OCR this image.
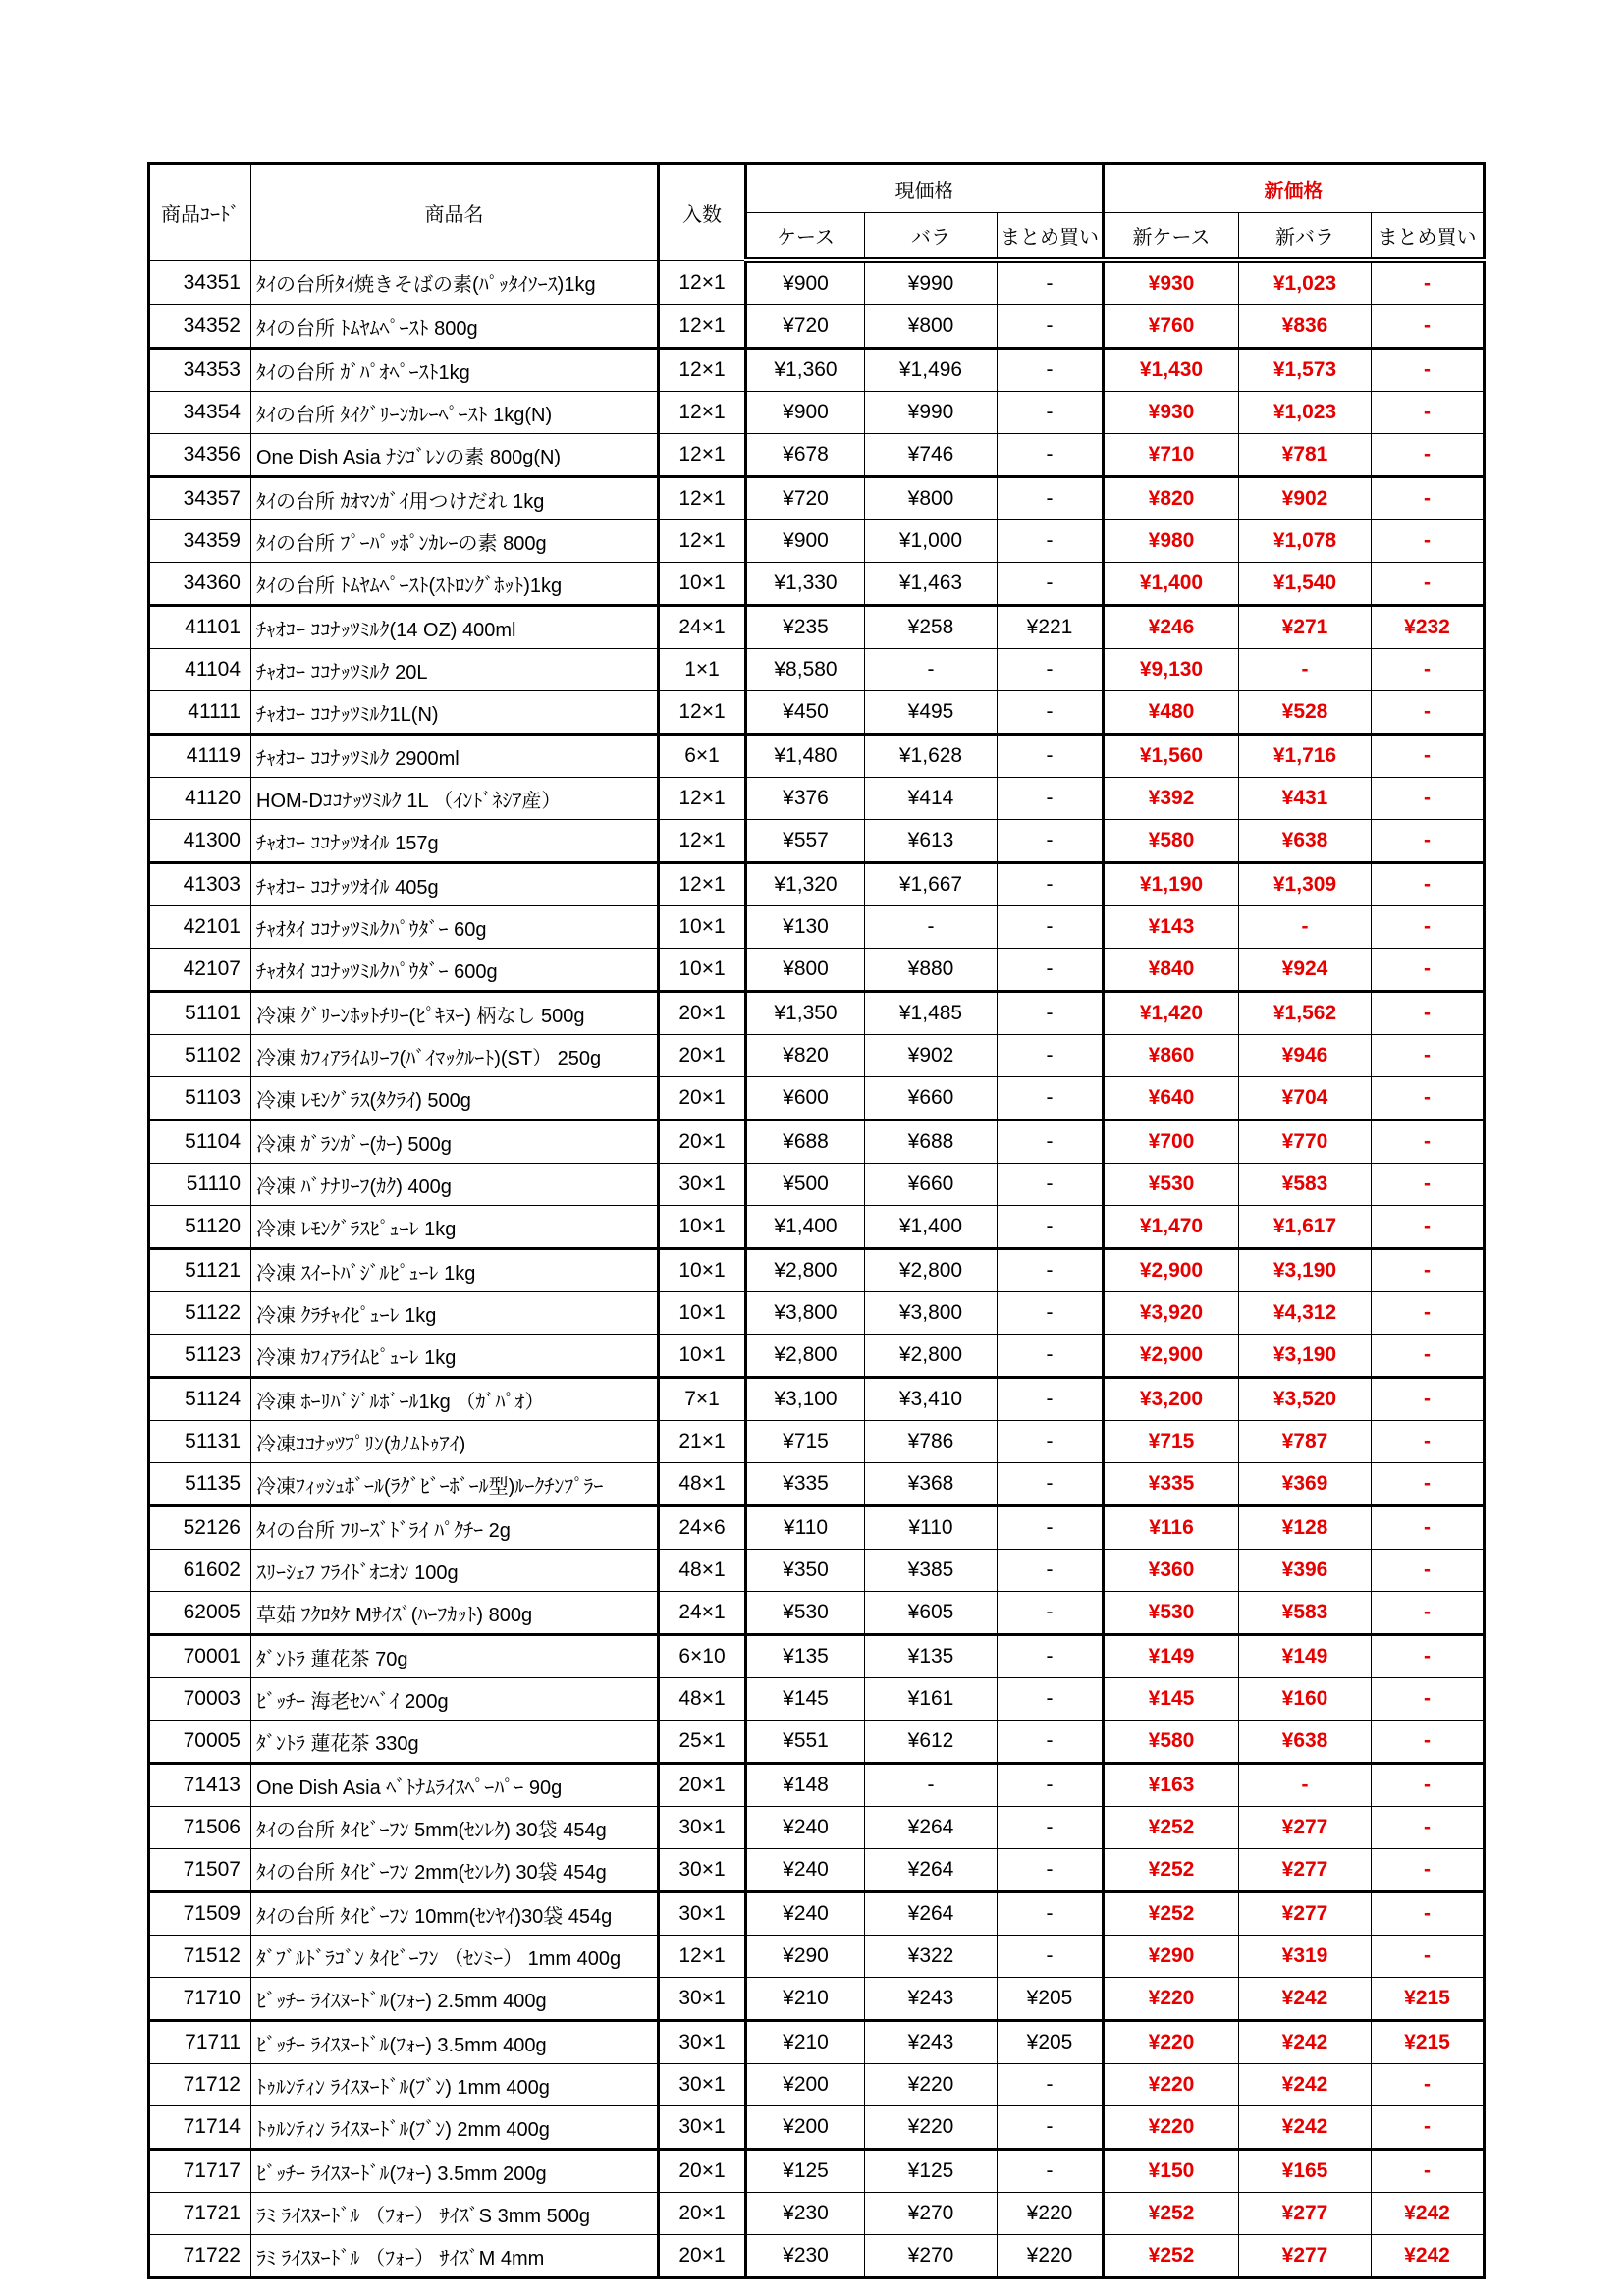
商品ｺｰﾄﾞ	商品名	入数	現価格			新価格		
			ケース	バラ	まとめ買い	新ケース	新バラ	まとめ買い
34351	ﾀｲの台所ﾀｲ焼きそばの素(ﾊﾟｯﾀｲｿｰｽ)1kg	12×1	¥900	¥990	-	¥930	¥1,023	-
34352	ﾀｲの台所 ﾄﾑﾔﾑﾍﾟｰｽﾄ 800g	12×1	¥720	¥800	-	¥760	¥836	-
34353	ﾀｲの台所 ｶﾞﾊﾟｵﾍﾟｰｽﾄ1kg	12×1	¥1,360	¥1,496	-	¥1,430	¥1,573	-
34354	ﾀｲの台所 ﾀｲｸﾞﾘｰﾝｶﾚｰﾍﾟｰｽﾄ 1kg(N)	12×1	¥900	¥990	-	¥930	¥1,023	-
34356	One Dish Asia ﾅｼｺﾞﾚﾝの素 800g(N)	12×1	¥678	¥746	-	¥710	¥781	-
34357	ﾀｲの台所 ｶｵﾏﾝｶﾞｲ用つけだれ 1kg	12×1	¥720	¥800	-	¥820	¥902	-
34359	ﾀｲの台所 ﾌﾟｰﾊﾟｯﾎﾟﾝｶﾚｰの素 800g	12×1	¥900	¥1,000	-	¥980	¥1,078	-
34360	ﾀｲの台所 ﾄﾑﾔﾑﾍﾟｰｽﾄ(ｽﾄﾛﾝｸﾞﾎｯﾄ)1kg	10×1	¥1,330	¥1,463	-	¥1,400	¥1,540	-
41101	ﾁｬｵｺｰ ｺｺﾅｯﾂﾐﾙｸ(14 OZ) 400ml	24×1	¥235	¥258	¥221	¥246	¥271	¥232
41104	ﾁｬｵｺｰ ｺｺﾅｯﾂﾐﾙｸ 20L	1×1	¥8,580	-	-	¥9,130	-	-
41111	ﾁｬｵｺｰ ｺｺﾅｯﾂﾐﾙｸ1L(N)	12×1	¥450	¥495	-	¥480	¥528	-
41119	ﾁｬｵｺｰ ｺｺﾅｯﾂﾐﾙｸ 2900ml	6×1	¥1,480	¥1,628	-	¥1,560	¥1,716	-
41120	HOM-Dｺｺﾅｯﾂﾐﾙｸ 1L （ｲﾝﾄﾞﾈｼｱ産）	12×1	¥376	¥414	-	¥392	¥431	-
41300	ﾁｬｵｺｰ ｺｺﾅｯﾂｵｲﾙ 157g	12×1	¥557	¥613	-	¥580	¥638	-
41303	ﾁｬｵｺｰ ｺｺﾅｯﾂｵｲﾙ 405g	12×1	¥1,320	¥1,667	-	¥1,190	¥1,309	-
42101	ﾁｬｵﾀｲ ｺｺﾅｯﾂﾐﾙｸﾊﾟｳﾀﾞｰ 60g	10×1	¥130	-	-	¥143	-	-
42107	ﾁｬｵﾀｲ ｺｺﾅｯﾂﾐﾙｸﾊﾟｳﾀﾞｰ 600g	10×1	¥800	¥880	-	¥840	¥924	-
51101	冷凍 ｸﾞﾘｰﾝﾎｯﾄﾁﾘｰ(ﾋﾟｷﾇｰ) 柄なし 500g	20×1	¥1,350	¥1,485	-	¥1,420	¥1,562	-
51102	冷凍 ｶﾌｨｱﾗｲﾑﾘｰﾌ(ﾊﾞｲﾏｯｸﾙｰﾄ)(ST） 250g	20×1	¥820	¥902	-	¥860	¥946	-
51103	冷凍 ﾚﾓﾝｸﾞﾗｽ(ﾀｸﾗｲ) 500g	20×1	¥600	¥660	-	¥640	¥704	-
51104	冷凍 ｶﾞﾗﾝｶﾞｰ(ｶｰ) 500g	20×1	¥688	¥688	-	¥700	¥770	-
51110	冷凍 ﾊﾞﾅﾅﾘｰﾌ(ｶｸ) 400g	30×1	¥500	¥660	-	¥530	¥583	-
51120	冷凍 ﾚﾓﾝｸﾞﾗｽﾋﾟｭｰﾚ 1kg	10×1	¥1,400	¥1,400	-	¥1,470	¥1,617	-
51121	冷凍 ｽｲｰﾄﾊﾞｼﾞﾙﾋﾟｭｰﾚ 1kg	10×1	¥2,800	¥2,800	-	¥2,900	¥3,190	-
51122	冷凍 ｸﾗﾁｬｲﾋﾟｭｰﾚ 1kg	10×1	¥3,800	¥3,800	-	¥3,920	¥4,312	-
51123	冷凍 ｶﾌｨｱﾗｲﾑﾋﾟｭｰﾚ 1kg	10×1	¥2,800	¥2,800	-	¥2,900	¥3,190	-
51124	冷凍 ﾎｰﾘﾊﾞｼﾞﾙﾎﾞｰﾙ1kg （ｶﾞﾊﾟｵ）	7×1	¥3,100	¥3,410	-	¥3,200	¥3,520	-
51131	冷凍ｺｺﾅｯﾂﾌﾟﾘﾝ(ｶﾉﾑﾄｩｱｲ)	21×1	¥715	¥786	-	¥715	¥787	-
51135	冷凍ﾌｨｯｼｭﾎﾞｰﾙ(ﾗｸﾞﾋﾞｰﾎﾞｰﾙ型)ﾙｰｸﾁﾝﾌﾟﾗｰ	48×1	¥335	¥368	-	¥335	¥369	-
52126	ﾀｲの台所 ﾌﾘｰｽﾞﾄﾞﾗｲ ﾊﾟｸﾁｰ 2g	24×6	¥110	¥110	-	¥116	¥128	-
61602	ｽﾘｰｼｪﾌ ﾌﾗｲﾄﾞｵﾆｵﾝ 100g	48×1	¥350	¥385	-	¥360	¥396	-
62005	草茹 ﾌｸﾛﾀｹ Mｻｲｽﾞ(ﾊｰﾌｶｯﾄ) 800g	24×1	¥530	¥605	-	¥530	¥583	-
70001	ﾀﾞﾝﾄﾗ 蓮花茶 70g	6×10	¥135	¥135	-	¥149	¥149	-
70003	ﾋﾞｯﾁｰ 海老ｾﾝﾍﾞｲ 200g	48×1	¥145	¥161	-	¥145	¥160	-
70005	ﾀﾞﾝﾄﾗ 蓮花茶 330g	25×1	¥551	¥612	-	¥580	¥638	-
71413	One Dish Asia ﾍﾞﾄﾅﾑﾗｲｽﾍﾟｰﾊﾟｰ 90g	20×1	¥148	-	-	¥163	-	-
71506	ﾀｲの台所 ﾀｲﾋﾞｰﾌﾝ 5mm(ｾﾝﾚｸ) 30袋 454g	30×1	¥240	¥264	-	¥252	¥277	-
71507	ﾀｲの台所 ﾀｲﾋﾞｰﾌﾝ 2mm(ｾﾝﾚｸ) 30袋 454g	30×1	¥240	¥264	-	¥252	¥277	-
71509	ﾀｲの台所 ﾀｲﾋﾞｰﾌﾝ 10mm(ｾﾝﾔｲ)30袋 454g	30×1	¥240	¥264	-	¥252	¥277	-
71512	ﾀﾞﾌﾞﾙﾄﾞﾗｺﾞﾝ ﾀｲﾋﾞｰﾌﾝ （ｾﾝﾐｰ） 1mm 400g	12×1	¥290	¥322	-	¥290	¥319	-
71710	ﾋﾞｯﾁｰ ﾗｲｽﾇｰﾄﾞﾙ(ﾌｫｰ) 2.5mm 400g	30×1	¥210	¥243	¥205	¥220	¥242	¥215
71711	ﾋﾞｯﾁｰ ﾗｲｽﾇｰﾄﾞﾙ(ﾌｫｰ) 3.5mm 400g	30×1	¥210	¥243	¥205	¥220	¥242	¥215
71712	ﾄｩﾙﾝﾃｨﾝ ﾗｲｽﾇｰﾄﾞﾙ(ﾌﾞﾝ) 1mm 400g	30×1	¥200	¥220	-	¥220	¥242	-
71714	ﾄｩﾙﾝﾃｨﾝ ﾗｲｽﾇｰﾄﾞﾙ(ﾌﾞﾝ) 2mm 400g	30×1	¥200	¥220	-	¥220	¥242	-
71717	ﾋﾞｯﾁｰ ﾗｲｽﾇｰﾄﾞﾙ(ﾌｫｰ) 3.5mm 200g	20×1	¥125	¥125	-	¥150	¥165	-
71721	ﾗﾐ ﾗｲｽﾇｰﾄﾞﾙ （ﾌｫｰ） ｻｲｽﾞS 3mm 500g	20×1	¥230	¥270	¥220	¥252	¥277	¥242
71722	ﾗﾐ ﾗｲｽﾇｰﾄﾞﾙ （ﾌｫｰ） ｻｲｽﾞM 4mm	20×1	¥230	¥270	¥220	¥252	¥277	¥242
